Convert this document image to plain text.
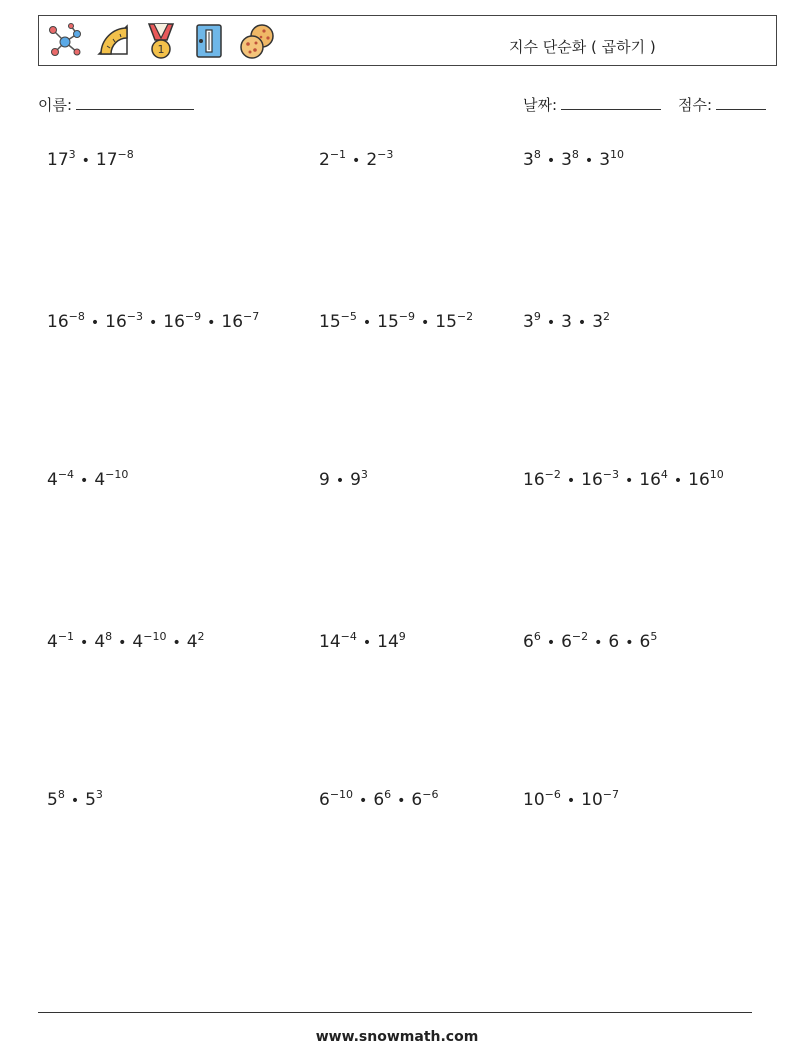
1	지수 단순화 ( 곱하기 )
이름:	날짜:	점수:
$17^3$ • $17^{-8}$	$2^{-1}$ • $2^{-3}$	$3^8$ • $3^8$ • $3^{10}$
$16^{-8}$ • $16^{-3}$ • $16^{-9}$ • $16^{-7}$	$15^{-5}$ • $15^{-9}$ • $15^{-2}$	$3^9$ • 3 • $3^2$
$4^{-4}$ • $4^{-10}$	9 • $9^3$	$16^{-2}$ • $16^{-3}$ • $16^4$ • $16^{10}$
$4^{-1}$ • $4^8$ • $4^{-10}$ • $4^2$	$14^{-4}$ • $14^9$	$6^6$ • $6^{-2}$ • 6 • $6^5$
$5^8$ • $5^3$	$6^{-10}$ • $6^6$ • $6^{-6}$	$10^{-6}$ • $10^{-7}$
www.snowmath.com
